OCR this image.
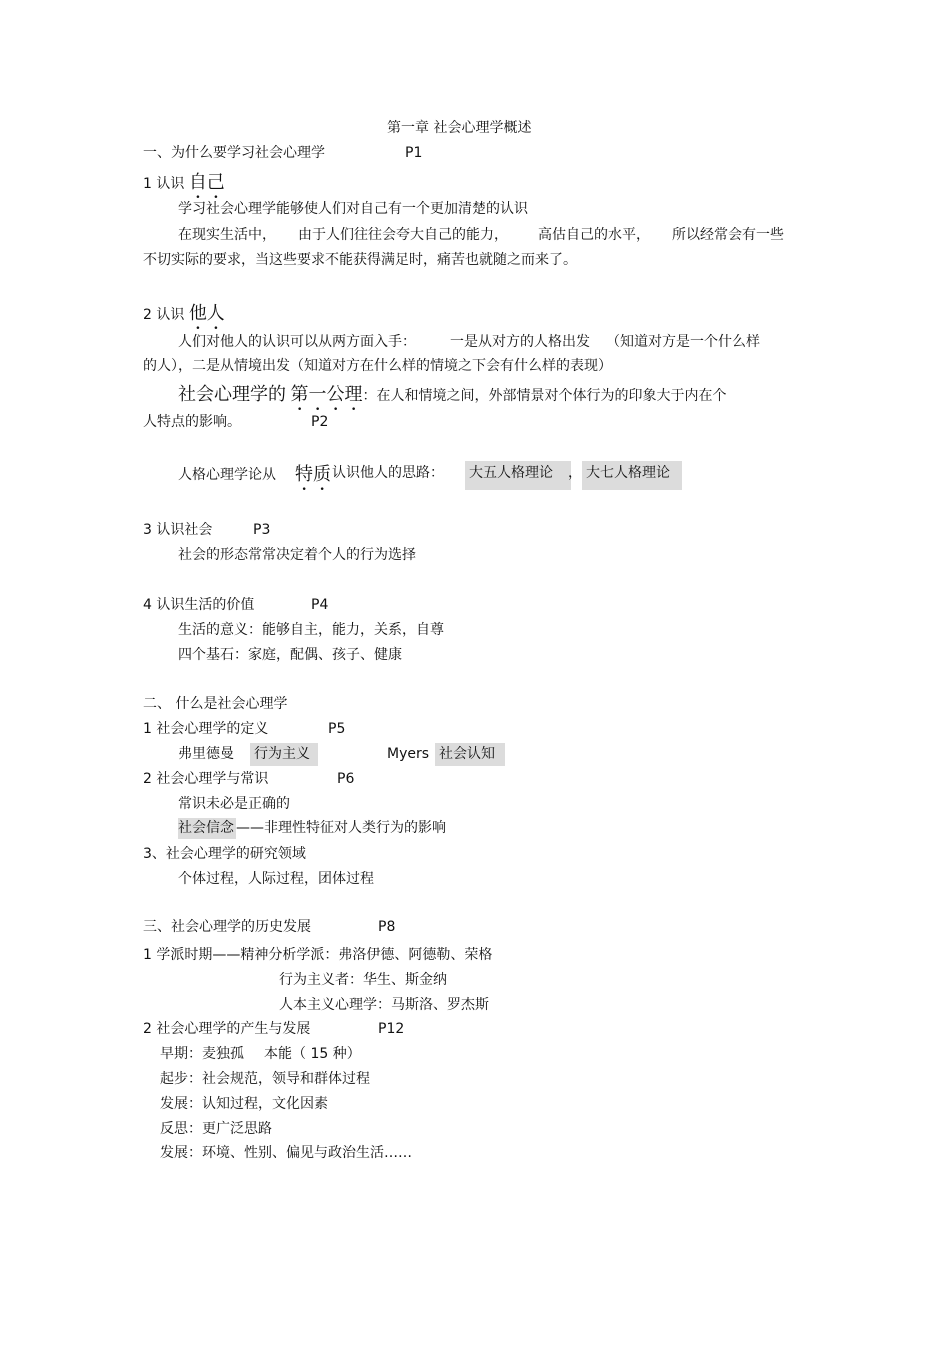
第一章 社会心理学概述
一、为什么要学习社会心理学	P1
1 认识 自己
学习社会心理学能够使人们对自己有一个更加清楚的认识
在现实生活中， 由于人们往往会夸大自己的能力， 高估自己的水平， 所以经常会有一些
不切实际的要求，当这些要求不能获得满足时，痛苦也就随之而来了。
2 认识 他人
人们对他人的认识可以从两方面入手： 一是从对方的人格出发 （知道对方是一个什么样
的人），二是从情境出发（知道对方在什么样的情境之下会有什么样的表现）
社会心理学的 第一公理：在人和情境之间，外部情景对个体行为的印象大于内在个
人特点的影响。	P2
人格心理学论从 特质 认识他人的思路： 大五人格理论	， 大七人格理论
3 认识社会	P3
社会的形态常常决定着个人的行为选择
4 认识生活的价值	P4
生活的意义：能够自主，能力，关系，自尊
四个基石：家庭，配偶、孩子、健康
二、 什么是社会心理学
1 社会心理学的定义	P5
弗里德曼 行为主义	Myers 社会认知
2 社会心理学与常识	P6
常识未必是正确的
社会信念 ——非理性特征对人类行为的影响
3、社会心理学的研究领域
个体过程，人际过程，团体过程
三、社会心理学的历史发展	P8
1 学派时期——精神分析学派：弗洛伊德、阿德勒、荣格
行为主义者：华生、斯金纳
人本主义心理学：马斯洛、罗杰斯
2 社会心理学的产生与发展	P12
早期：麦独孤 本能（ 15 种）
起步：社会规范，领导和群体过程
发展：认知过程，文化因素
反思：更广泛思路
发展：环境、性别、偏见与政治生活……
